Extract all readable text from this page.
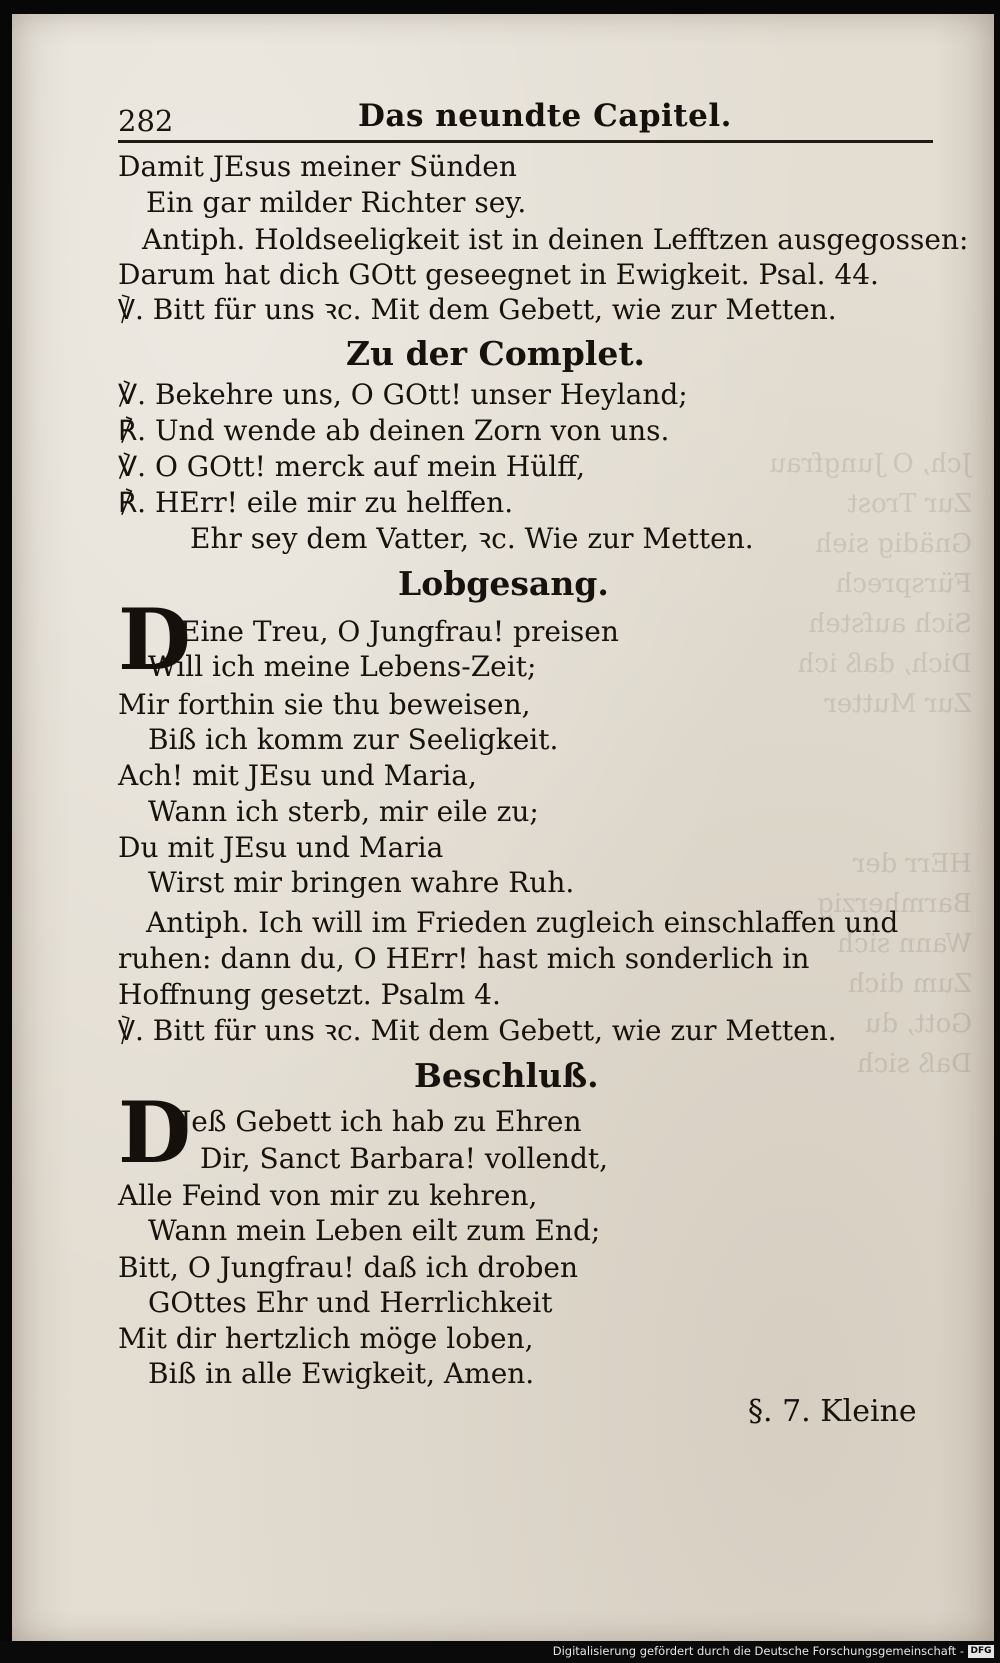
Jch, O Jungfrau
Zur Trost
Gnädig sieh
Fürsprech
Sich aufsteh
Dich, daß ich
Zur Mutter

HErr der
Barmherzig
Wann sich
Zum dich
Gott, du
Daß sich
282	Das neundte Capitel.
Damit JEsus meiner Sünden
Ein gar milder Richter sey.
Antiph. Holdseeligkeit ist in deinen Lefftzen ausgegossen:
Darum hat dich GOtt geseegnet in Ewigkeit. Psal. 44.
℣. Bitt für uns ꝛc. Mit dem Gebett, wie zur Metten.
Zu der Complet.
℣. Bekehre uns, O GOtt! unser Heyland;
℟. Und wende ab deinen Zorn von uns.
℣. O GOtt! merck auf mein Hülff,
℟. HErr! eile mir zu helffen.
Ehr sey dem Vatter, ꝛc. Wie zur Metten.
Lobgesang.
D
Eine Treu, O Jungfrau! preisen
Will ich meine Lebens-Zeit;
Mir forthin sie thu beweisen,
Biß ich komm zur Seeligkeit.
Ach! mit JEsu und Maria,
Wann ich sterb, mir eile zu;
Du mit JEsu und Maria
Wirst mir bringen wahre Ruh.
Antiph. Ich will im Frieden zugleich einschlaffen und
ruhen: dann du, O HErr! hast mich sonderlich in
Hoffnung gesetzt. Psalm 4.
℣. Bitt für uns ꝛc. Mit dem Gebett, wie zur Metten.
Beschluß.
D
Jeß Gebett ich hab zu Ehren
Dir, Sanct Barbara! vollendt,
Alle Feind von mir zu kehren,
Wann mein Leben eilt zum End;
Bitt, O Jungfrau! daß ich droben
GOttes Ehr und Herrlichkeit
Mit dir hertzlich möge loben,
Biß in alle Ewigkeit, Amen.
§. 7. Kleine
Digitalisierung gefördert durch die Deutsche Forschungsgemeinschaft - DFG
